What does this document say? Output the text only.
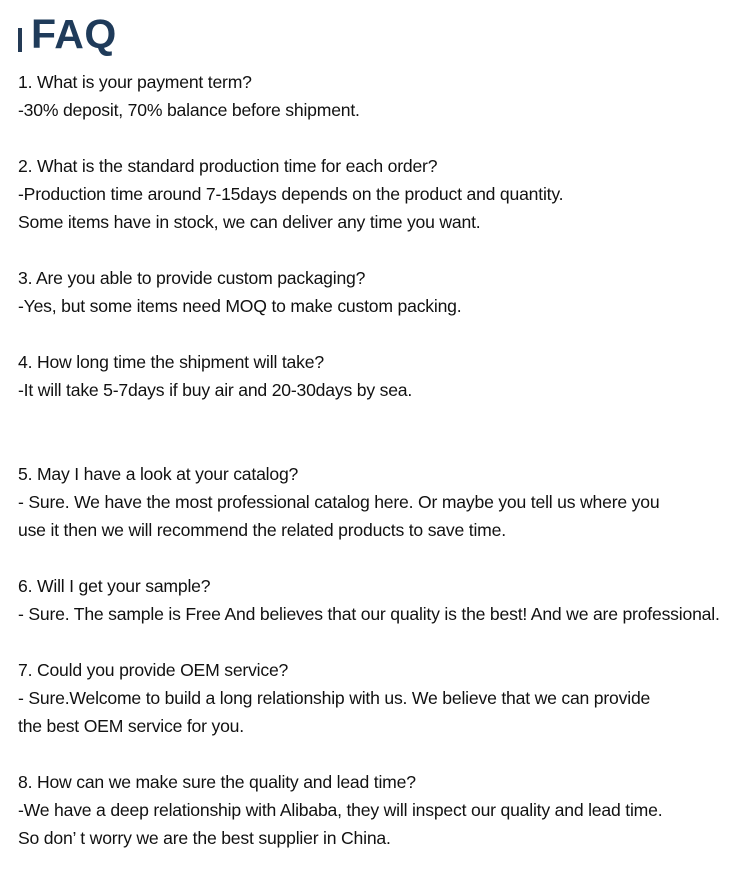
FAQ
1. What is your payment term?
-30% deposit, 70% balance before shipment.
2. What is the standard production time for each order?
-Production time around 7-15days depends on the product and quantity.
Some items have in stock, we can deliver any time you want.
3. Are you able to provide custom packaging?
-Yes, but some items need MOQ to make custom packing.
4. How long time the shipment will take?
-It will take 5-7days if buy air and 20-30days by sea.
5. May I have a look at your catalog?
- Sure. We have the most professional catalog here. Or maybe you tell us where you
use it then we will recommend the related products to save time.
6. Will I get your sample?
- Sure. The sample is Free And believes that our quality is the best! And we are professional.
7. Could you provide OEM service?
- Sure.Welcome to build a long relationship with us. We believe that we can provide
the best OEM service for you.
8. How can we make sure the quality and lead time?
-We have a deep relationship with Alibaba, they will inspect our quality and lead time.
So don’ t worry we are the best supplier in China.
